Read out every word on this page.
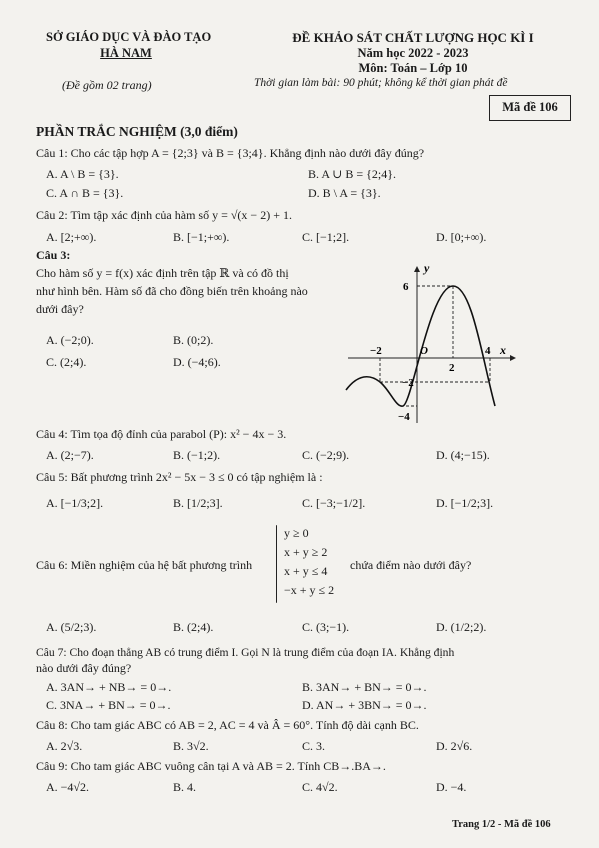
SỞ GIÁO DỤC VÀ ĐÀO TẠO
HÀ NAM
(Đề gồm 02 trang)
ĐỀ KHẢO SÁT CHẤT LƯỢNG HỌC KÌ I
Năm học 2022 - 2023
Môn: Toán – Lớp 10
Thời gian làm bài: 90 phút; không kể thời gian phát đề
Mã đề 106
PHẦN TRẮC NGHIỆM (3,0 điểm)
Câu 1: Cho các tập hợp A = {2;3} và B = {3;4}. Khẳng định nào dưới đây đúng?
A. A \ B = {3}.	B. A ∪ B = {2;4}.
C. A ∩ B = {3}.	D. B \ A = {3}.
Câu 2: Tìm tập xác định của hàm số y = √(x − 2) + 1.
A. [2;+∞).	B. [−1;+∞).	C. [−1;2].	D. [0;+∞).
Câu 3:
Cho hàm số y = f(x) xác định trên tập ℝ và có đồ thị
như hình bên. Hàm số đã cho đồng biến trên khoảng nào
dưới đây?
A. (−2;0).	B. (0;2).
C. (2;4).	D. (−4;6).
y
x
6
O
−2
2
4
−2
−4
Câu 4: Tìm tọa độ đỉnh của parabol (P): x² − 4x − 3.
A. (2;−7).	B. (−1;2).	C. (−2;9).	D. (4;−15).
Câu 5: Bất phương trình 2x² − 5x − 3 ≤ 0 có tập nghiệm là :
A. [−1/3;2].	B. [1/2;3].	C. [−3;−1/2].	D. [−1/2;3].
Câu 6: Miền nghiệm của hệ bất phương trình
y ≥ 0
x + y ≥ 2
x + y ≤ 4
−x + y ≤ 2
chứa điểm nào dưới đây?
A. (5/2;3).	B. (2;4).	C. (3;−1).	D. (1/2;2).
Câu 7: Cho đoạn thẳng AB có trung điểm I. Gọi N là trung điểm của đoạn IA. Khẳng định
nào dưới đây đúng?
A. 3AN→ + NB→ = 0→.	B. 3AN→ + BN→ = 0→.
C. 3NA→ + BN→ = 0→.	D. AN→ + 3BN→ = 0→.
Câu 8: Cho tam giác ABC có AB = 2, AC = 4 và Â = 60°. Tính độ dài cạnh BC.
A. 2√3.	B. 3√2.	C. 3.	D. 2√6.
Câu 9: Cho tam giác ABC vuông cân tại A và AB = 2. Tính CB→.BA→.
A. −4√2.	B. 4.	C. 4√2.	D. −4.
Trang 1/2 - Mã đề 106
